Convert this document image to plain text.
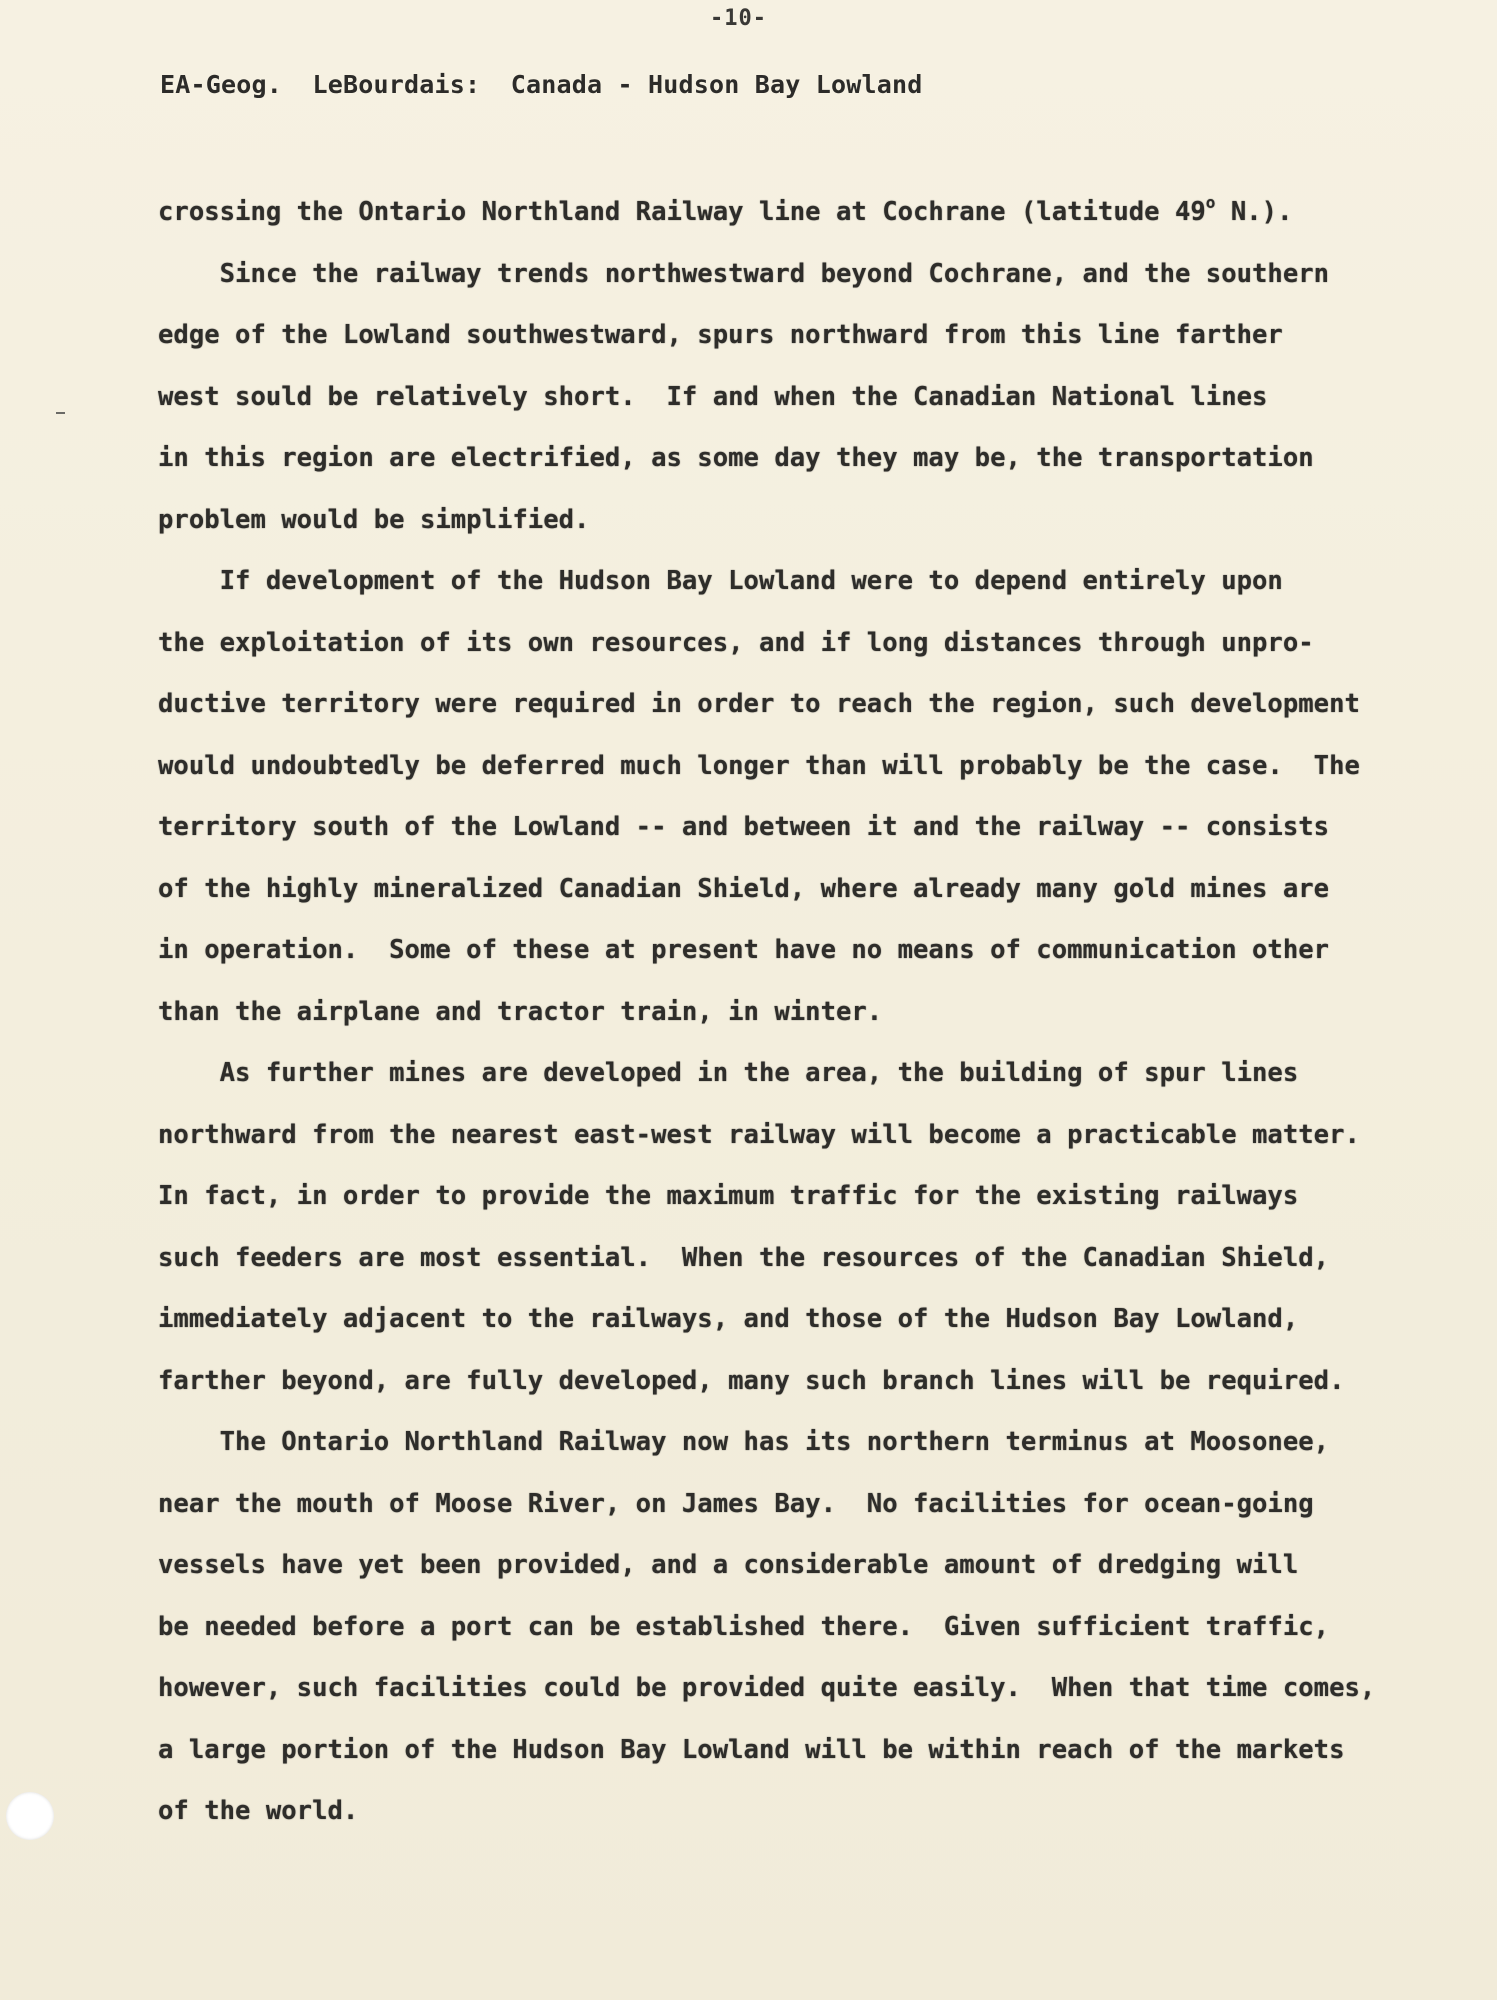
-10-
EA-Geog.  LeBourdais:  Canada - Hudson Bay Lowland
crossing the Ontario Northland Railway line at Cochrane (latitude 49$^o$ N.).
Since the railway trends northwestward beyond Cochrane, and the southern
edge of the Lowland southwestward, spurs northward from this line farther
west sould be relatively short.  If and when the Canadian National lines
in this region are electrified, as some day they may be, the transportation
problem would be simplified.
If development of the Hudson Bay Lowland were to depend entirely upon
the exploitation of its own resources, and if long distances through unpro-
ductive territory were required in order to reach the region, such development
would undoubtedly be deferred much longer than will probably be the case.  The
territory south of the Lowland -- and between it and the railway -- consists
of the highly mineralized Canadian Shield, where already many gold mines are
in operation.  Some of these at present have no means of communication other
than the airplane and tractor train, in winter.
As further mines are developed in the area, the building of spur lines
northward from the nearest east-west railway will become a practicable matter.
In fact, in order to provide the maximum traffic for the existing railways
such feeders are most essential.  When the resources of the Canadian Shield,
immediately adjacent to the railways, and those of the Hudson Bay Lowland,
farther beyond, are fully developed, many such branch lines will be required.
The Ontario Northland Railway now has its northern terminus at Moosonee,
near the mouth of Moose River, on James Bay.  No facilities for ocean-going
vessels have yet been provided, and a considerable amount of dredging will
be needed before a port can be established there.  Given sufficient traffic,
however, such facilities could be provided quite easily.  When that time comes,
a large portion of the Hudson Bay Lowland will be within reach of the markets
of the world.
